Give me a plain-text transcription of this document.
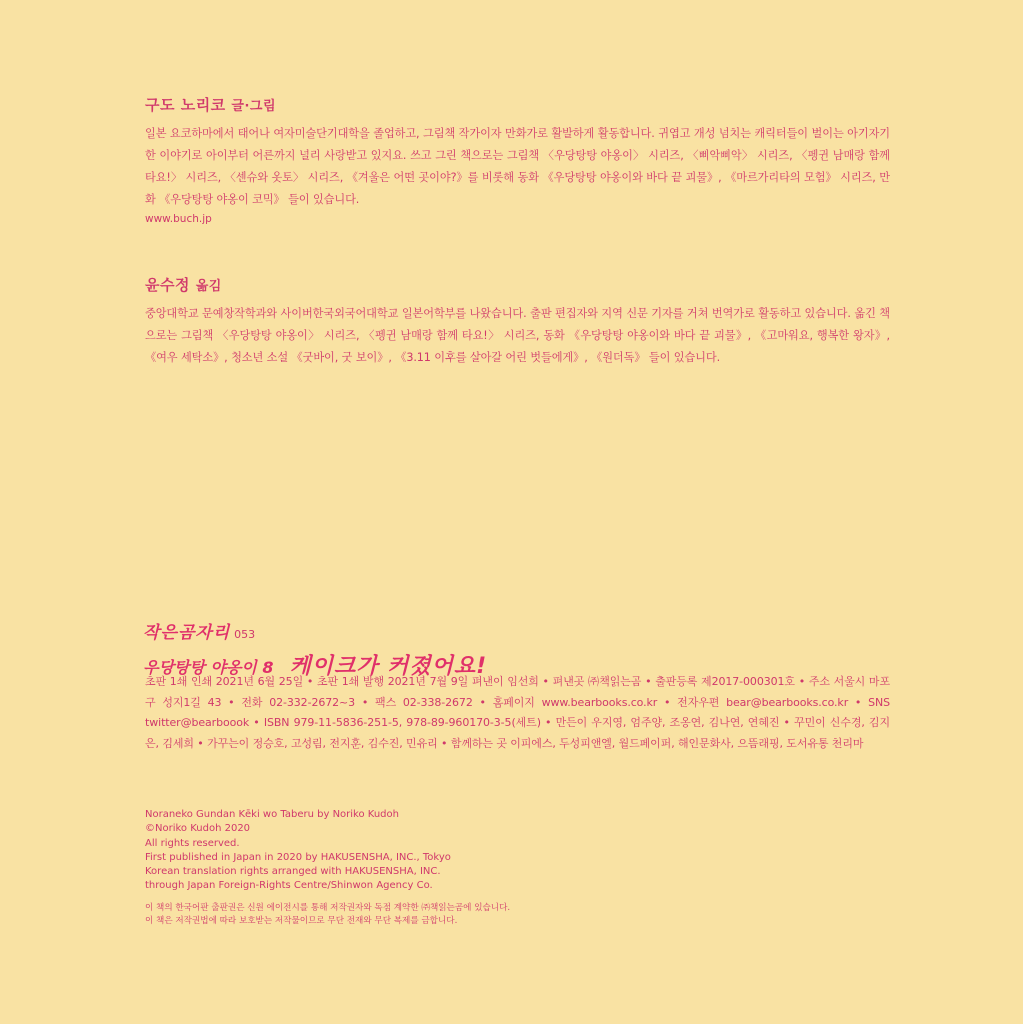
구도 노리코 글·그림

일본 요코하마에서 태어나 여자미술단기대학을 졸업하고, 그림책 작가이자 만화가로 활발하게 활동합니다. 귀엽고 개성 넘치는 캐릭터들이 벌이는 아기자기한 이야기로 아이부터 어른까지 널리 사랑받고 있지요. 쓰고 그린 책으로는 그림책 〈우당탕탕 야옹이〉 시리즈, 〈삐악삐악〉 시리즈, 〈펭귄 남매랑 함께 타요!〉 시리즈, 〈센슈와 옷토〉 시리즈, 《겨울은 어떤 곳이야?》를 비롯해 동화 《우당탕탕 야옹이와 바다 끝 괴물》, 《마르가리타의 모험》 시리즈, 만화 《우당탕탕 야옹이 코믹》 들이 있습니다.

www.buch.jp
윤수정 옮김

중앙대학교 문예창작학과와 사이버한국외국어대학교 일본어학부를 나왔습니다. 출판 편집자와 지역 신문 기자를 거쳐 번역가로 활동하고 있습니다. 옮긴 책으로는 그림책 〈우당탕탕 야옹이〉 시리즈, 〈펭귄 남매랑 함께 타요!〉 시리즈, 동화 《우당탕탕 야옹이와 바다 끝 괴물》, 《고마워요, 행복한 왕자》, 《여우 세탁소》, 청소년 소설 《굿바이, 굿 보이》, 《3.11 이후를 살아갈 어린 벗들에게》, 《원더독》 들이 있습니다.

작은곰자리 053
우당탕탕 야옹이 8 케이크가 커졌어요!

초판 1쇄 인쇄 2021년 6월 25일 • 초판 1쇄 발행 2021년 7월 9일 펴낸이 임선희 • 펴낸곳 ㈜책읽는곰 • 출판등록 제2017-000301호 • 주소 서울시 마포구 성지1길 43 • 전화 02-332-2672~3 • 팩스 02-338-2672 • 홈페이지 www.bearbooks.co.kr • 전자우편 bear@bearbooks.co.kr • SNS twitter@bearboook • ISBN 979-11-5836-251-5, 978-89-960170-3-5(세트) • 만든이 우지영, 엄주양, 조옹연, 김나연, 연혜진 • 꾸민이 신수경, 김지은, 김세희 • 가꾸는이 정승호, 고성림, 전지훈, 김수진, 민유리 • 함께하는 곳 이피에스, 두성피앤엘, 월드페이퍼, 해인문화사, 으뜸래핑, 도서유통 천리마

Noraneko Gundan Kēki wo Taberu by Noriko Kudoh
©Noriko Kudoh 2020
All rights reserved.
First published in Japan in 2020 by HAKUSENSHA, INC., Tokyo
Korean translation rights arranged with HAKUSENSHA, INC.
through Japan Foreign-Rights Centre/Shinwon Agency Co.
이 책의 한국어판 출판권은 신원 에이전시를 통해 저작권자와 독점 계약한 ㈜책읽는곰에 있습니다.
이 책은 저작권법에 따라 보호받는 저작물이므로 무단 전재와 무단 복제를 금합니다.
